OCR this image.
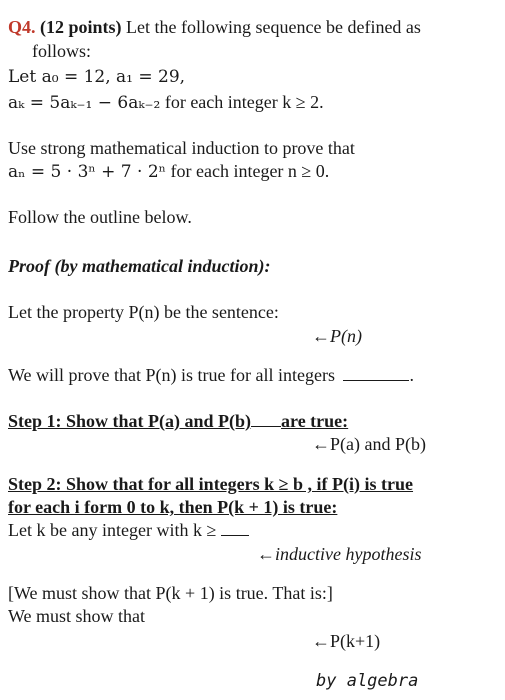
Q4. (12 points) Let the following sequence be defined as
follows:
Let a₀ = 12, a₁ = 29,
aₖ = 5aₖ₋₁ − 6aₖ₋₂ for each integer k ≥ 2.
Use strong mathematical induction to prove that
aₙ = 5 · 3ⁿ + 7 · 2ⁿ for each integer n ≥ 0.
Follow the outline below.
Proof (by mathematical induction):
Let the property P(n) be the sentence:
←P(n)
We will prove that P(n) is true for all integers	.
Step 1: Show that P(a) and P(b) are true:
←P(a) and P(b)
Step 2: Show that for all integers k ≥ b , if P(i) is true
for each i form 0 to k, then P(k + 1) is true:
Let k be any integer with k ≥
←inductive hypothesis
[We must show that P(k + 1) is true. That is:]
We must show that
←P(k+1)
by algebra
